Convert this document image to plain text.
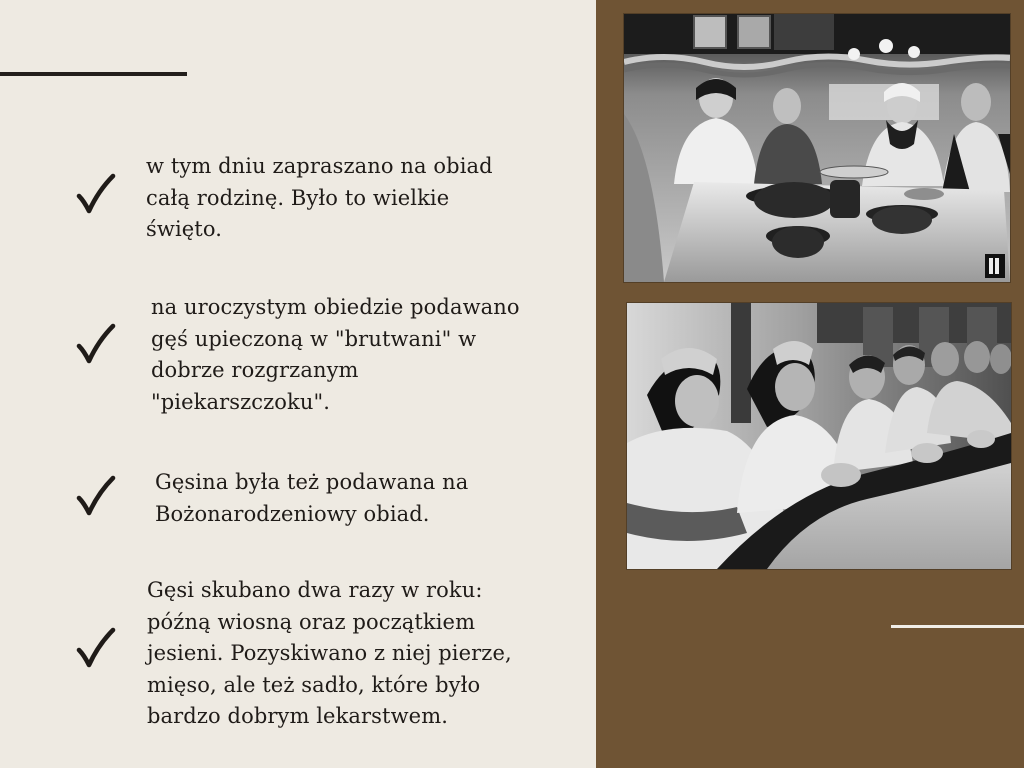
w tym dniu zapraszano na obiad
całą rodzinę. Było to wielkie
święto.
na uroczystym obiedzie podawano
gęś upieczoną w "brutwani" w
dobrze rozgrzanym
"piekarszczoku".
Gęsina była też podawana na
Bożonarodzeniowy obiad.
Gęsi skubano dwa razy w roku:
późną wiosną oraz początkiem
jesieni. Pozyskiwano z niej pierze,
mięso, ale też sadło, które było
bardzo dobrym lekarstwem.
